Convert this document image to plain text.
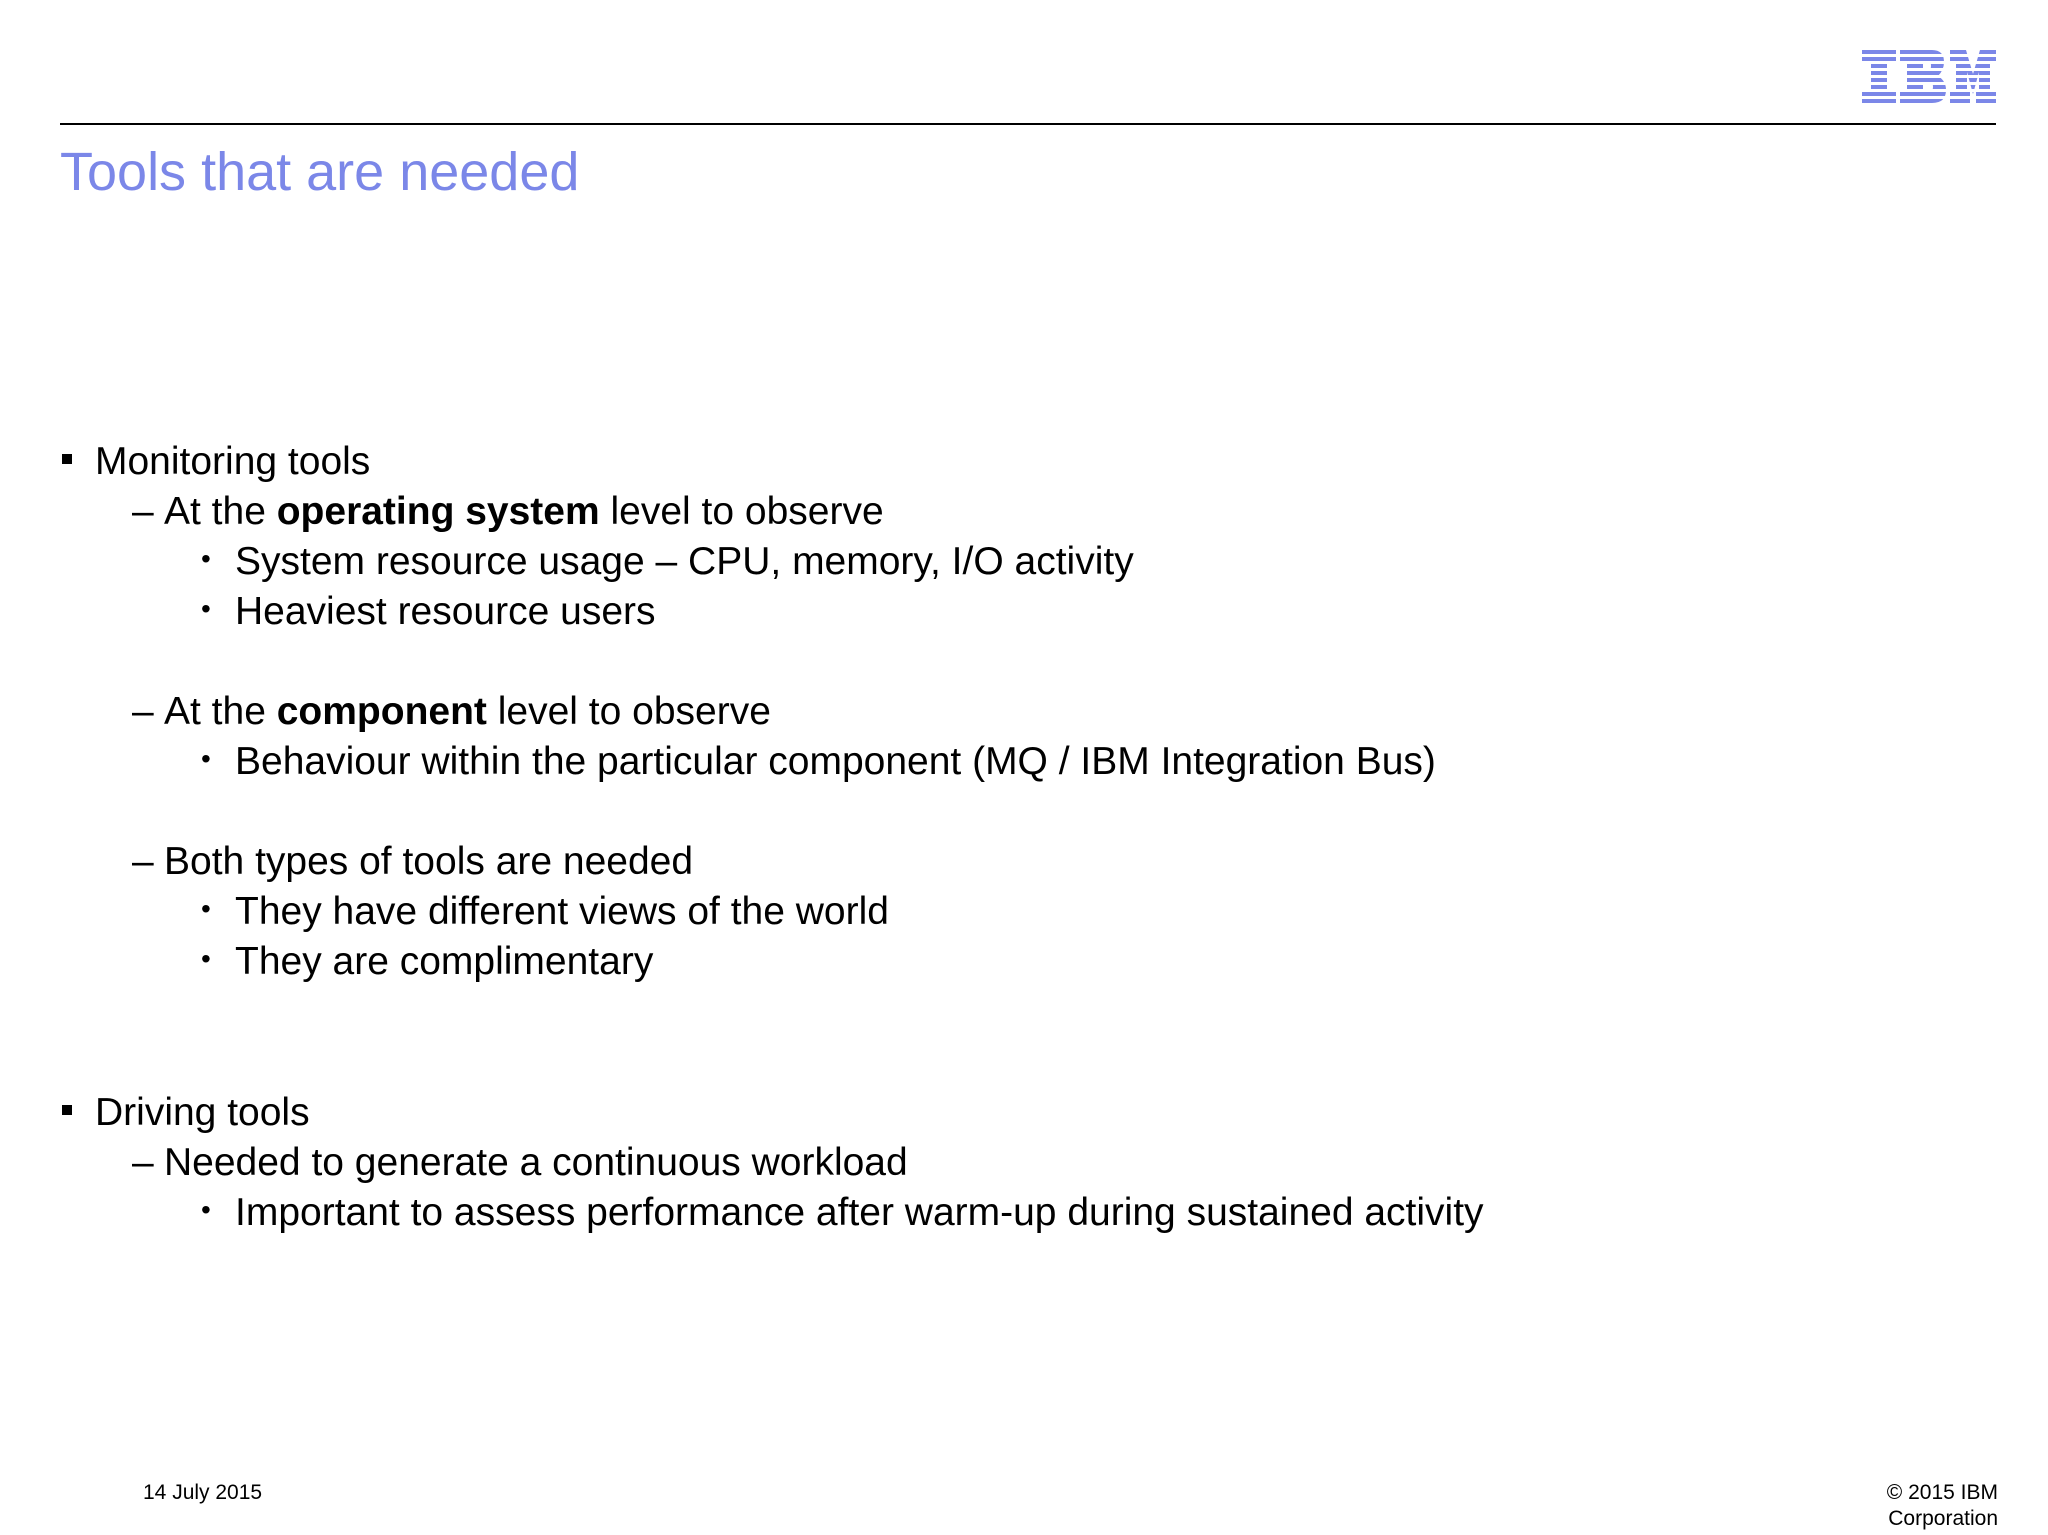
Tools that are needed
Monitoring tools
– At the operating system level to observe
• System resource usage – CPU, memory, I/O activity
• Heaviest resource users
– At the component level to observe
• Behaviour within the particular component (MQ / IBM Integration Bus)
– Both types of tools are needed
• They have different views of the world
• They are complimentary
Driving tools
– Needed to generate a continuous workload
• Important to assess performance after warm-up during sustained activity
14 July 2015	© 2015 IBM
Corporation
